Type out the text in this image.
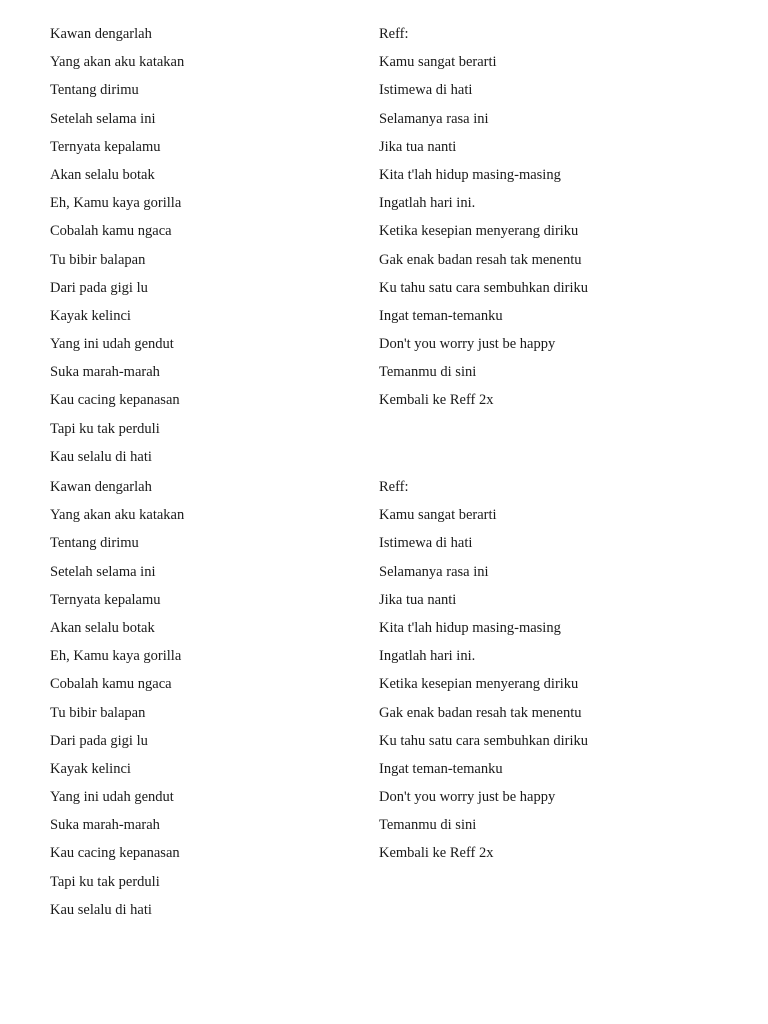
Kawan dengarlah
Yang akan aku katakan
Tentang dirimu
Setelah selama ini
Ternyata kepalamu
Akan selalu botak
Eh, Kamu kaya gorilla
Cobalah kamu ngaca
Tu bibir balapan
Dari pada gigi lu
Kayak kelinci
Yang ini udah gendut
Suka marah-marah
Kau cacing kepanasan
Tapi ku tak perduli
Kau selalu di hati
Reff:
Kamu sangat berarti
Istimewa di hati
Selamanya rasa ini
Jika tua nanti
Kita t'lah hidup masing-masing
Ingatlah hari ini.
Ketika kesepian menyerang diriku
Gak enak badan resah tak menentu
Ku tahu satu cara sembuhkan diriku
Ingat teman-temanku
Don't you worry just be happy
Temanmu di sini
Kembali ke Reff 2x
Kawan dengarlah
Yang akan aku katakan
Tentang dirimu
Setelah selama ini
Ternyata kepalamu
Akan selalu botak
Eh, Kamu kaya gorilla
Cobalah kamu ngaca
Tu bibir balapan
Dari pada gigi lu
Kayak kelinci
Yang ini udah gendut
Suka marah-marah
Kau cacing kepanasan
Tapi ku tak perduli
Kau selalu di hati
Reff:
Kamu sangat berarti
Istimewa di hati
Selamanya rasa ini
Jika tua nanti
Kita t'lah hidup masing-masing
Ingatlah hari ini.
Ketika kesepian menyerang diriku
Gak enak badan resah tak menentu
Ku tahu satu cara sembuhkan diriku
Ingat teman-temanku
Don't you worry just be happy
Temanmu di sini
Kembali ke Reff 2x
